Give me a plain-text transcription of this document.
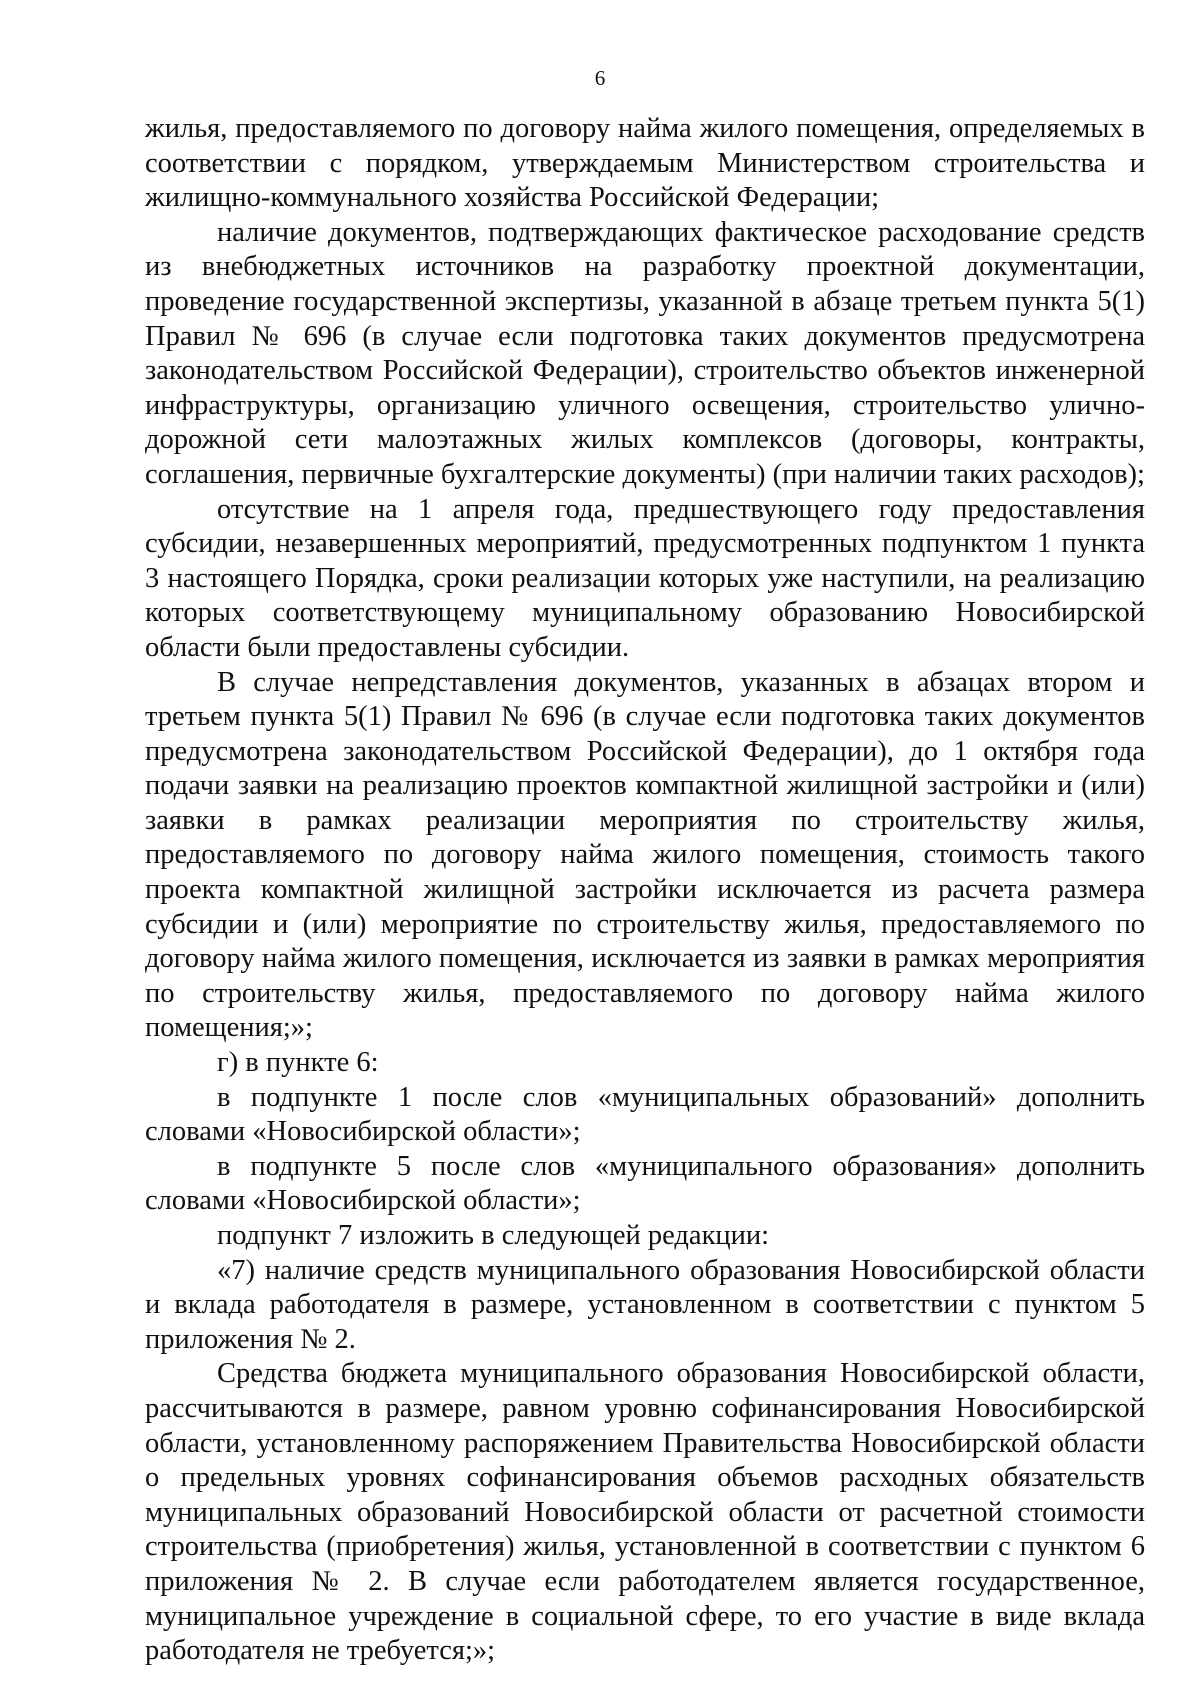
6

жилья, предоставляемого по договору найма жилого помещения, определяемых в соответствии с порядком, утверждаемым Министерством строительства и жилищно-коммунального хозяйства Российской Федерации;

наличие документов, подтверждающих фактическое расходование средств из внебюджетных источников на разработку проектной документации, проведение государственной экспертизы, указанной в абзаце третьем пункта 5(1) Правил № 696 (в случае если подготовка таких документов предусмотрена законодательством Российской Федерации), строительство объектов инженерной инфраструктуры, организацию уличного освещения, строительство улично-дорожной сети малоэтажных жилых комплексов (договоры, контракты, соглашения, первичные бухгалтерские документы) (при наличии таких расходов);

отсутствие на 1 апреля года, предшествующего году предоставления субсидии, незавершенных мероприятий, предусмотренных подпунктом 1 пункта 3 настоящего Порядка, сроки реализации которых уже наступили, на реализацию которых соответствующему муниципальному образованию Новосибирской области были предоставлены субсидии.

В случае непредставления документов, указанных в абзацах втором и третьем пункта 5(1) Правил № 696 (в случае если подготовка таких документов предусмотрена законодательством Российской Федерации), до 1 октября года подачи заявки на реализацию проектов компактной жилищной застройки и (или) заявки в рамках реализации мероприятия по строительству жилья, предоставляемого по договору найма жилого помещения, стоимость такого проекта компактной жилищной застройки исключается из расчета размера субсидии и (или) мероприятие по строительству жилья, предоставляемого по договору найма жилого помещения, исключается из заявки в рамках мероприятия по строительству жилья, предоставляемого по договору найма жилого помещения;»;

г) в пункте 6:

в подпункте 1 после слов «муниципальных образований» дополнить словами «Новосибирской области»;

в подпункте 5 после слов «муниципального образования» дополнить словами «Новосибирской области»;

подпункт 7 изложить в следующей редакции:

«7) наличие средств муниципального образования Новосибирской области и вклада работодателя в размере, установленном в соответствии с пунктом 5 приложения № 2.

Средства бюджета муниципального образования Новосибирской области, рассчитываются в размере, равном уровню софинансирования Новосибирской области, установленному распоряжением Правительства Новосибирской области о предельных уровнях софинансирования объемов расходных обязательств муниципальных образований Новосибирской области от расчетной стоимости строительства (приобретения) жилья, установленной в соответствии с пунктом 6 приложения № 2. В случае если работодателем является государственное, муниципальное учреждение в социальной сфере, то его участие в виде вклада работодателя не требуется;»;
